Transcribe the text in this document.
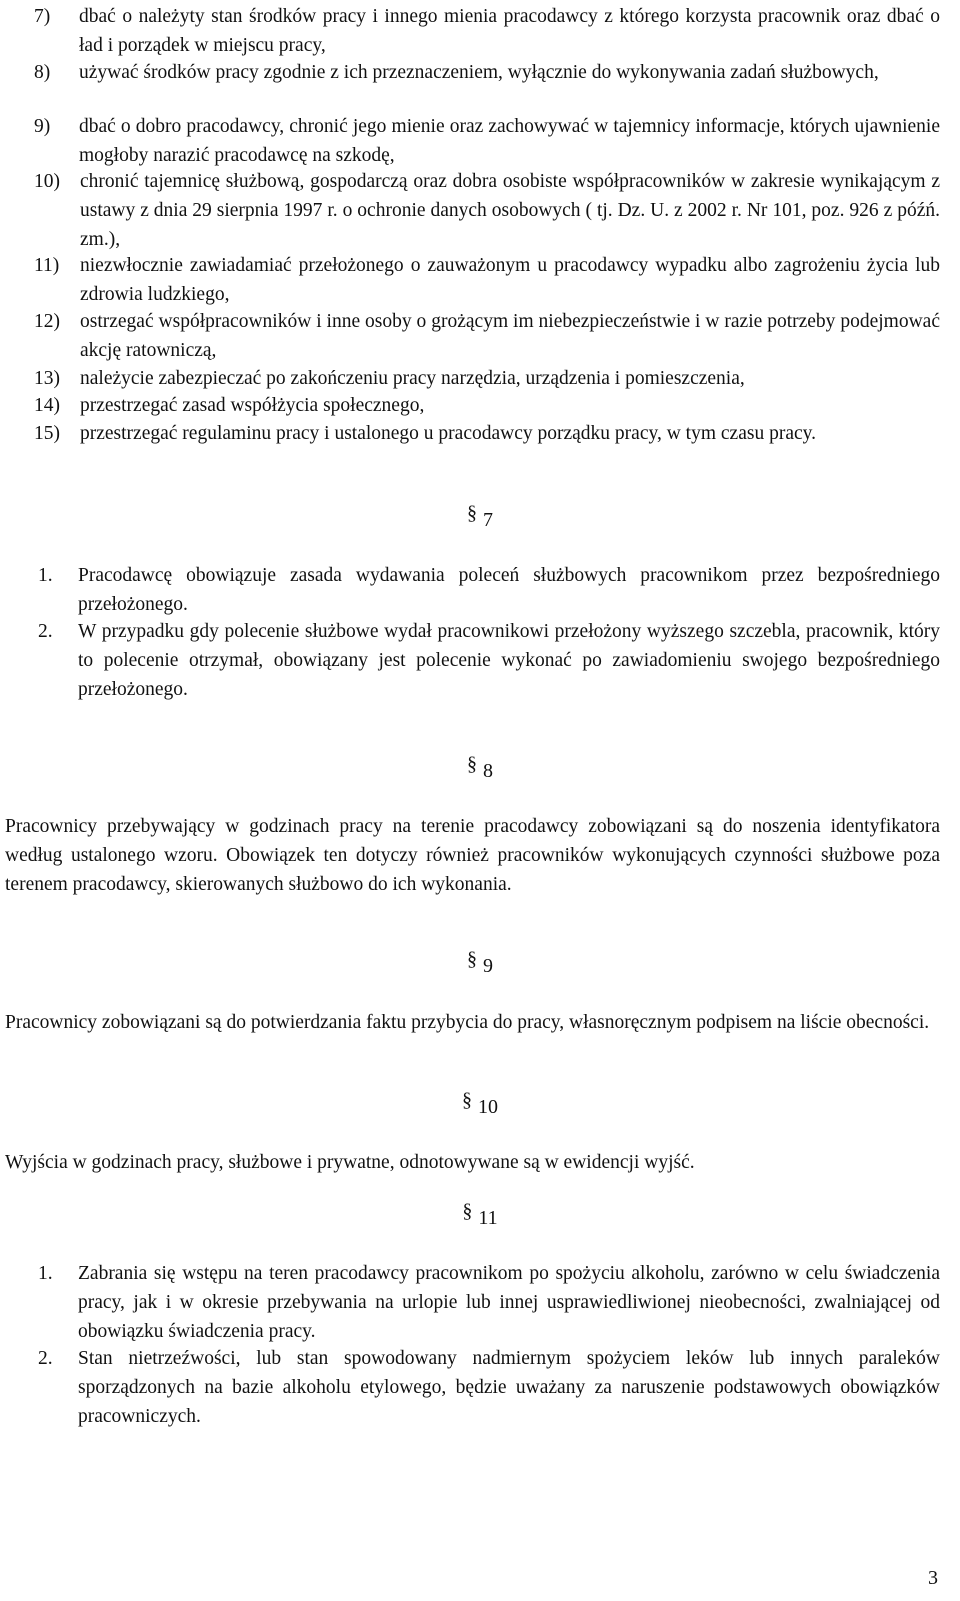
7)	dbać o należyty stan środków pracy i innego mienia pracodawcy z którego korzysta pracownik oraz dbać o ład i porządek w miejscu pracy,
8)	używać środków pracy zgodnie z ich przeznaczeniem, wyłącznie do wykonywania zadań służbowych,
9)	dbać o dobro pracodawcy, chronić jego mienie oraz zachowywać w tajemnicy informacje, których ujawnienie mogłoby narazić pracodawcę na szkodę,
10)	chronić tajemnicę służbową, gospodarczą oraz dobra osobiste współpracowników w zakresie wynikającym z ustawy z dnia 29 sierpnia 1997 r. o ochronie danych osobowych ( tj. Dz. U. z 2002 r. Nr 101, poz. 926 z późń. zm.),
11)	niezwłocznie zawiadamiać przełożonego o zauważonym u pracodawcy wypadku albo zagrożeniu życia lub zdrowia ludzkiego,
12)	ostrzegać współpracowników i inne osoby o grożącym im niebezpieczeństwie i w razie potrzeby podejmować akcję ratowniczą,
13)	należycie zabezpieczać po zakończeniu pracy narzędzia, urządzenia i pomieszczenia,
14)	przestrzegać zasad współżycia społecznego,
15)	przestrzegać regulaminu pracy i ustalonego u pracodawcy porządku pracy, w tym czasu pracy.
§ 7
1. Pracodawcę obowiązuje zasada wydawania poleceń służbowych pracownikom przez bezpośredniego przełożonego.
2. W przypadku gdy polecenie służbowe wydał pracownikowi przełożony wyższego szczebla, pracownik, który to polecenie otrzymał, obowiązany jest polecenie wykonać po zawiadomieniu swojego bezpośredniego przełożonego.
§ 8
Pracownicy przebywający w godzinach pracy na terenie pracodawcy zobowiązani są do noszenia identyfikatora według ustalonego wzoru. Obowiązek ten dotyczy również pracowników wykonujących czynności służbowe poza terenem pracodawcy, skierowanych służbowo do ich wykonania.
§ 9
Pracownicy zobowiązani są do potwierdzania faktu przybycia do pracy, własnoręcznym podpisem na liście obecności.
§ 10
Wyjścia w godzinach pracy, służbowe i prywatne, odnotowywane są w ewidencji wyjść.
§ 11
1. Zabrania się wstępu na teren pracodawcy pracownikom po spożyciu alkoholu, zarówno w celu świadczenia pracy, jak i w okresie przebywania na urlopie lub innej usprawiedliwionej nieobecności, zwalniającej od obowiązku świadczenia pracy.
2. Stan nietrzeźwości, lub stan spowodowany nadmiernym spożyciem leków lub innych paraleków sporządzonych na bazie alkoholu etylowego, będzie uważany za naruszenie podstawowych obowiązków pracowniczych.
3
